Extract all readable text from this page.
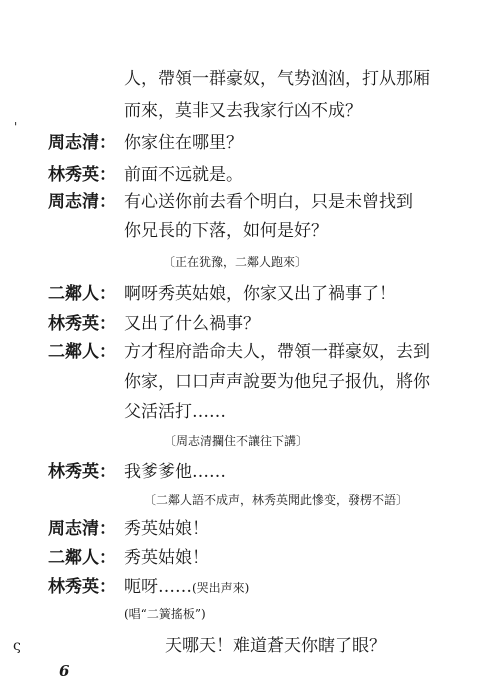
人，帶領一群豪奴，气势汹汹，打从那厢
而來，莫非又去我家行凶不成？
周志清： 你家住在哪里？
林秀英： 前面不远就是。
周志清： 有心送你前去看个明白，只是未曾找到
你兄長的下落，如何是好？
〔正在犹豫，二鄰人跑來〕
二鄰人： 啊呀秀英姑娘，你家又出了禍事了！
林秀英： 又出了什么禍事？
二鄰人： 方才程府誥命夫人，帶領一群豪奴，去到
你家，口口声声說要为他兒子报仇，將你
父活活打……
〔周志清攔住不讓往下講〕
林秀英： 我爹爹他……
〔二鄰人語不成声，林秀英聞此慘变，發楞不語〕
周志清： 秀英姑娘！
二鄰人： 秀英姑娘！
林秀英： 呃呀……(哭出声來)
(唱“二簧搖板”)
天哪天！难道蒼天你瞎了眼？
6
'
ς
